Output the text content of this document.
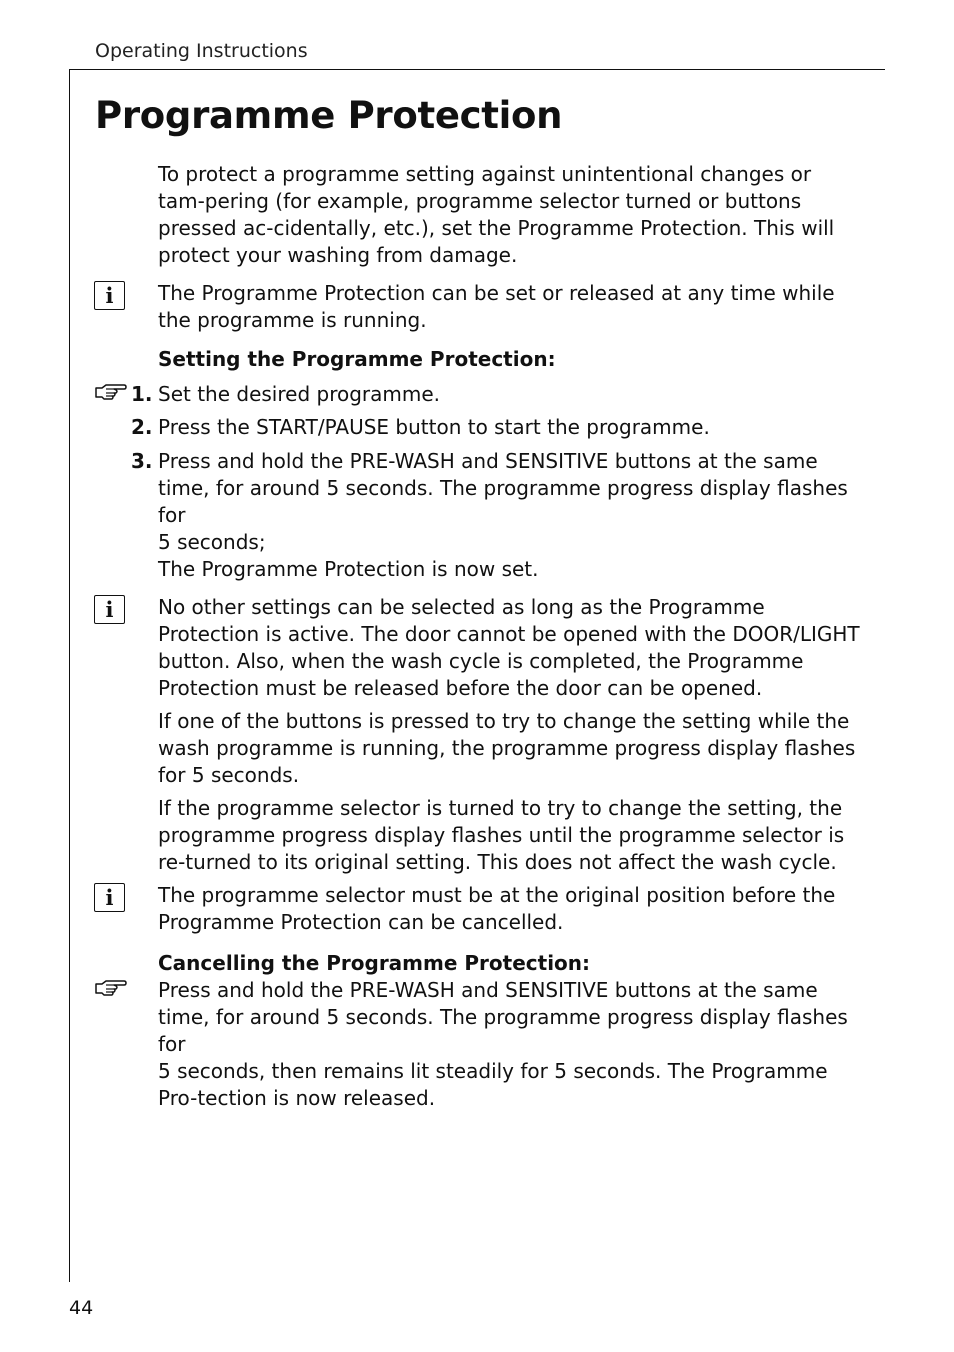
Operating Instructions
Programme Protection

To protect a programme setting against unintentional changes or tam-pering (for example, programme selector turned or buttons pressed ac-cidentally, etc.), set the Programme Protection. This will protect your washing from damage.

i	The Programme Protection can be set or released at any time while the programme is running.

Setting the Programme Protection:

1. Set the desired programme.

2. Press the START/PAUSE button to start the programme.

3. Press and hold the PRE-WASH and SENSITIVE buttons at the same time, for around 5 seconds. The programme progress display flashes for

5 seconds;

The Programme Protection is now set.

i	No other settings can be selected as long as the Programme Protection is active. The door cannot be opened with the DOOR/LIGHT button. Also, when the wash cycle is completed, the Programme Protection must be released before the door can be opened.

If one of the buttons is pressed to try to change the setting while the wash programme is running, the programme progress display flashes for 5 seconds.

If the programme selector is turned to try to change the setting, the programme progress display flashes until the programme selector is re-turned to its original setting. This does not affect the wash cycle.

i	The programme selector must be at the original position before the Programme Protection can be cancelled.

Cancelling the Programme Protection:

Press and hold the PRE-WASH and SENSITIVE buttons at the same time, for around 5 seconds. The programme progress display flashes for

5 seconds, then remains lit steadily for 5 seconds. The Programme Pro-tection is now released.

44
